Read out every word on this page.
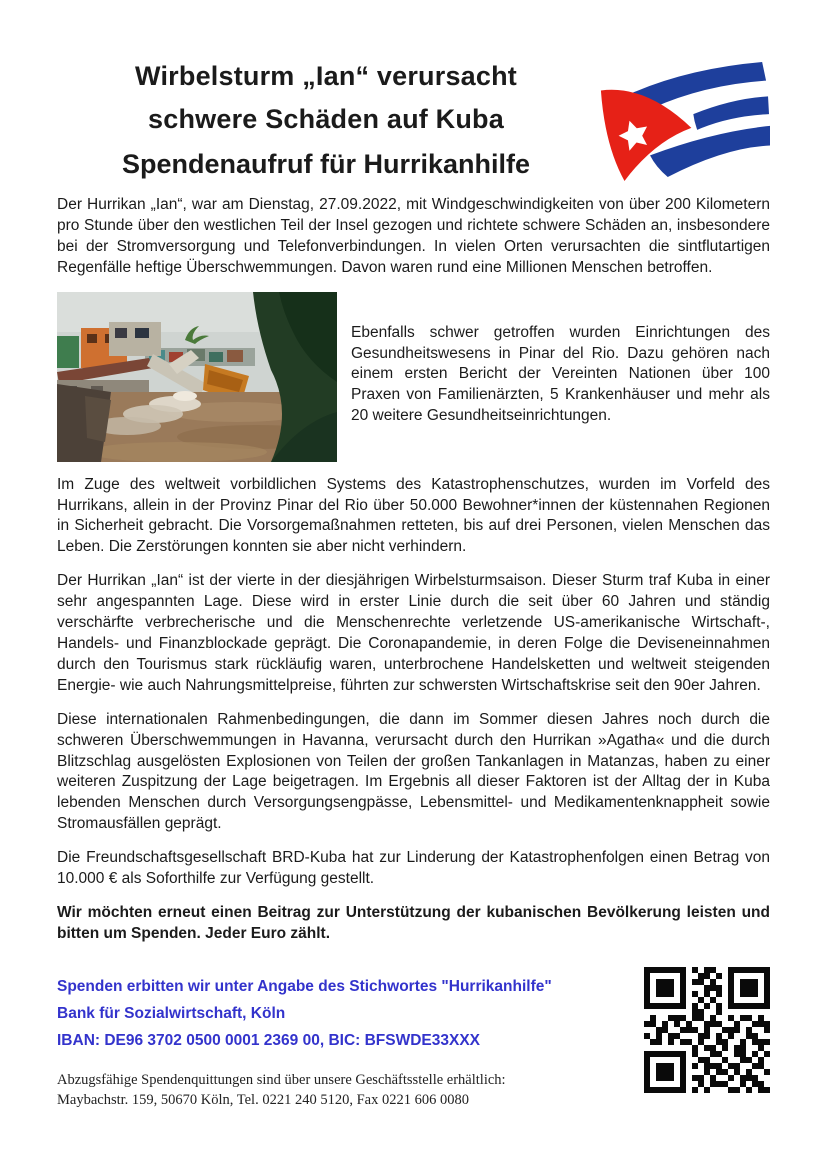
Wirbelsturm „Ian“ verursacht
schwere Schäden auf Kuba
Spendenaufruf für Hurrikanhilfe

Der Hurrikan „Ian“, war am Dienstag, 27.09.2022, mit Windgeschwindigkeiten von über 200 Kilometern pro Stunde über den westlichen Teil der Insel gezogen und richtete schwere Schäden an, insbesondere bei der Stromversorgung und Telefonverbindungen. In vielen Orten verursachten die sintflutartigen Regenfälle heftige Überschwemmungen. Davon waren rund eine Millionen Menschen betroffen.

Ebenfalls schwer getroffen wurden Einrichtungen des Gesundheitswesens in Pinar del Rio. Dazu gehören nach einem ersten Bericht der Vereinten Nationen über 100 Praxen von Familienärzten, 5 Krankenhäuser und mehr als 20 weitere Gesundheitseinrichtungen.

Im Zuge des weltweit vorbildlichen Systems des Katastrophenschutzes, wurden im Vorfeld des Hurrikans, allein in der Provinz Pinar del Rio über 50.000 Bewohner*innen der küstennahen Regionen in Sicherheit gebracht. Die Vorsorgemaßnahmen retteten, bis auf drei Personen, vielen Menschen das Leben. Die Zerstörungen konnten sie aber nicht verhindern.

Der Hurrikan „Ian“ ist der vierte in der diesjährigen Wirbelsturmsaison. Dieser Sturm traf Kuba in einer sehr angespannten Lage. Diese wird in erster Linie durch die seit über 60 Jahren und ständig verschärfte verbrecherische und die Menschenrechte verletzende US-amerikanische Wirtschaft-, Handels- und Finanzblockade geprägt. Die Coronapandemie, in deren Folge die Deviseneinnahmen durch den Tourismus stark rückläufig waren, unterbrochene Handelsketten und weltweit steigenden Energie- wie auch Nahrungsmittelpreise, führten zur schwersten Wirtschaftskrise seit den 90er Jahren.

Diese internationalen Rahmenbedingungen, die dann im Sommer diesen Jahres noch durch die schweren Überschwemmungen in Havanna, verursacht durch den Hurrikan »Agatha« und die durch Blitzschlag ausgelösten Explosionen von Teilen der großen Tankanlagen in Matanzas, haben zu einer weiteren Zuspitzung der Lage beigetragen. Im Ergebnis all dieser Faktoren ist der Alltag der in Kuba lebenden Menschen durch Versorgungsengpässe, Lebensmittel- und Medikamentenknappheit sowie Stromausfällen geprägt.

Die Freundschaftsgesellschaft BRD-Kuba hat zur Linderung der Katastrophenfolgen einen Betrag von 10.000 € als Soforthilfe zur Verfügung gestellt.

Wir möchten erneut einen Beitrag zur Unterstützung der kubanischen Bevölkerung leisten und bitten um Spenden. Jeder Euro zählt.

Spenden erbitten wir unter Angabe des Stichwortes "Hurrikanhilfe"
Bank für Sozialwirtschaft, Köln
IBAN: DE96 3702 0500 0001 2369 00, BIC: BFSWDE33XXX
Abzugsfähige Spendenquittungen sind über unsere Geschäftsstelle erhältlich:
Maybachstr. 159, 50670 Köln, Tel. 0221 240 5120, Fax 0221 606 0080
